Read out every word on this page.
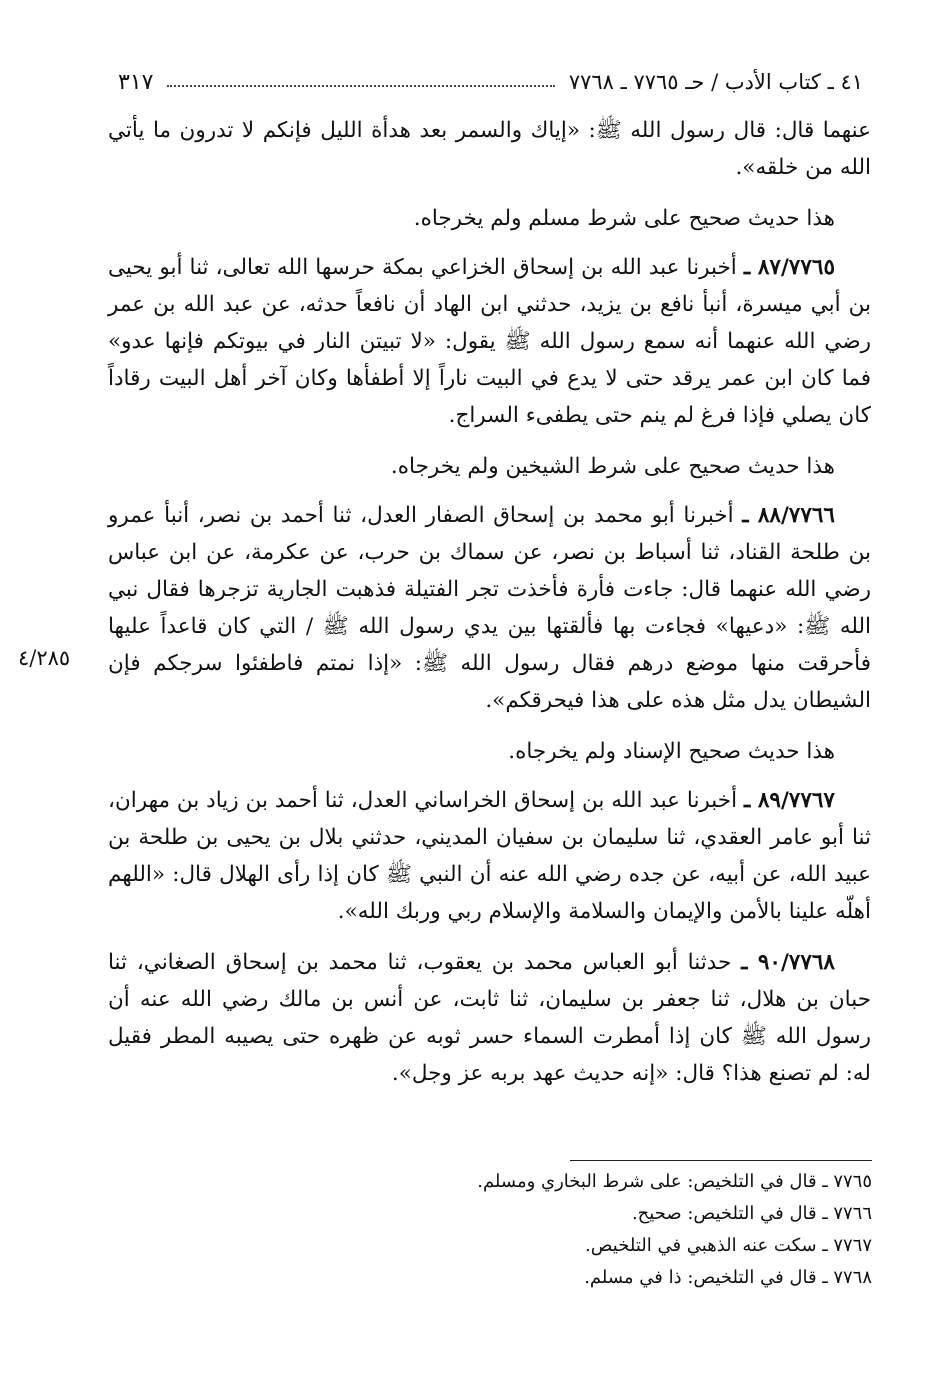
٤١ ـ كتاب الأدب / حـ ٧٧٦٥ ـ ٧٧٦٨
٣١٧

عنهما قال: قال رسول الله ﷺ: «إياك والسمر بعد هدأة الليل فإنكم لا تدرون ما يأتي الله من خلقه».

هذا حديث صحيح على شرط مسلم ولم يخرجاه.

٨٧/٧٧٦٥ ـ أخبرنا عبد الله بن إسحاق الخزاعي بمكة حرسها الله تعالى، ثنا أبو يحيى بن أبي ميسرة، أنبأ نافع بن يزيد، حدثني ابن الهاد أن نافعاً حدثه، عن عبد الله بن عمر رضي الله عنهما أنه سمع رسول الله ﷺ يقول: «لا تبيتن النار في بيوتكم فإنها عدو» فما كان ابن عمر يرقد حتى لا يدع في البيت ناراً إلا أطفأها وكان آخر أهل البيت رقاداً كان يصلي فإذا فرغ لم ينم حتى يطفىء السراج.

هذا حديث صحيح على شرط الشيخين ولم يخرجاه.

٨٨/٧٧٦٦ ـ أخبرنا أبو محمد بن إسحاق الصفار العدل، ثنا أحمد بن نصر، أنبأ عمرو بن طلحة القناد، ثنا أسباط بن نصر، عن سماك بن حرب، عن عكرمة، عن ابن عباس رضي الله عنهما قال: جاءت فأرة فأخذت تجر الفتيلة فذهبت الجارية تزجرها فقال نبي الله ﷺ: «دعيها» فجاءت بها فألقتها بين يدي رسول الله ﷺ / التي كان قاعداً عليها فأحرقت منها موضع درهم فقال رسول الله ﷺ: «إذا نمتم فاطفئوا سرجكم فإن الشيطان يدل مثل هذه على هذا فيحرقكم».

هذا حديث صحيح الإسناد ولم يخرجاه.

٨٩/٧٧٦٧ ـ أخبرنا عبد الله بن إسحاق الخراساني العدل، ثنا أحمد بن زياد بن مهران، ثنا أبو عامر العقدي، ثنا سليمان بن سفيان المديني، حدثني بلال بن يحيى بن طلحة بن عبيد الله، عن أبيه، عن جده رضي الله عنه أن النبي ﷺ كان إذا رأى الهلال قال: «اللهم أهلّه علينا بالأمن والإيمان والسلامة والإسلام ربي وربك الله».

٩٠/٧٧٦٨ ـ حدثنا أبو العباس محمد بن يعقوب، ثنا محمد بن إسحاق الصغاني، ثنا حبان بن هلال، ثنا جعفر بن سليمان، ثنا ثابت، عن أنس بن مالك رضي الله عنه أن رسول الله ﷺ كان إذا أمطرت السماء حسر ثوبه عن ظهره حتى يصيبه المطر فقيل له: لم تصنع هذا؟ قال: «إنه حديث عهد بربه عز وجل».

٤/٢٨٥

٧٧٦٥ ـ قال في التلخيص: على شرط البخاري ومسلم.

٧٧٦٦ ـ قال في التلخيص: صحيح.

٧٧٦٧ ـ سكت عنه الذهبي في التلخيص.

٧٧٦٨ ـ قال في التلخيص: ذا في مسلم.
